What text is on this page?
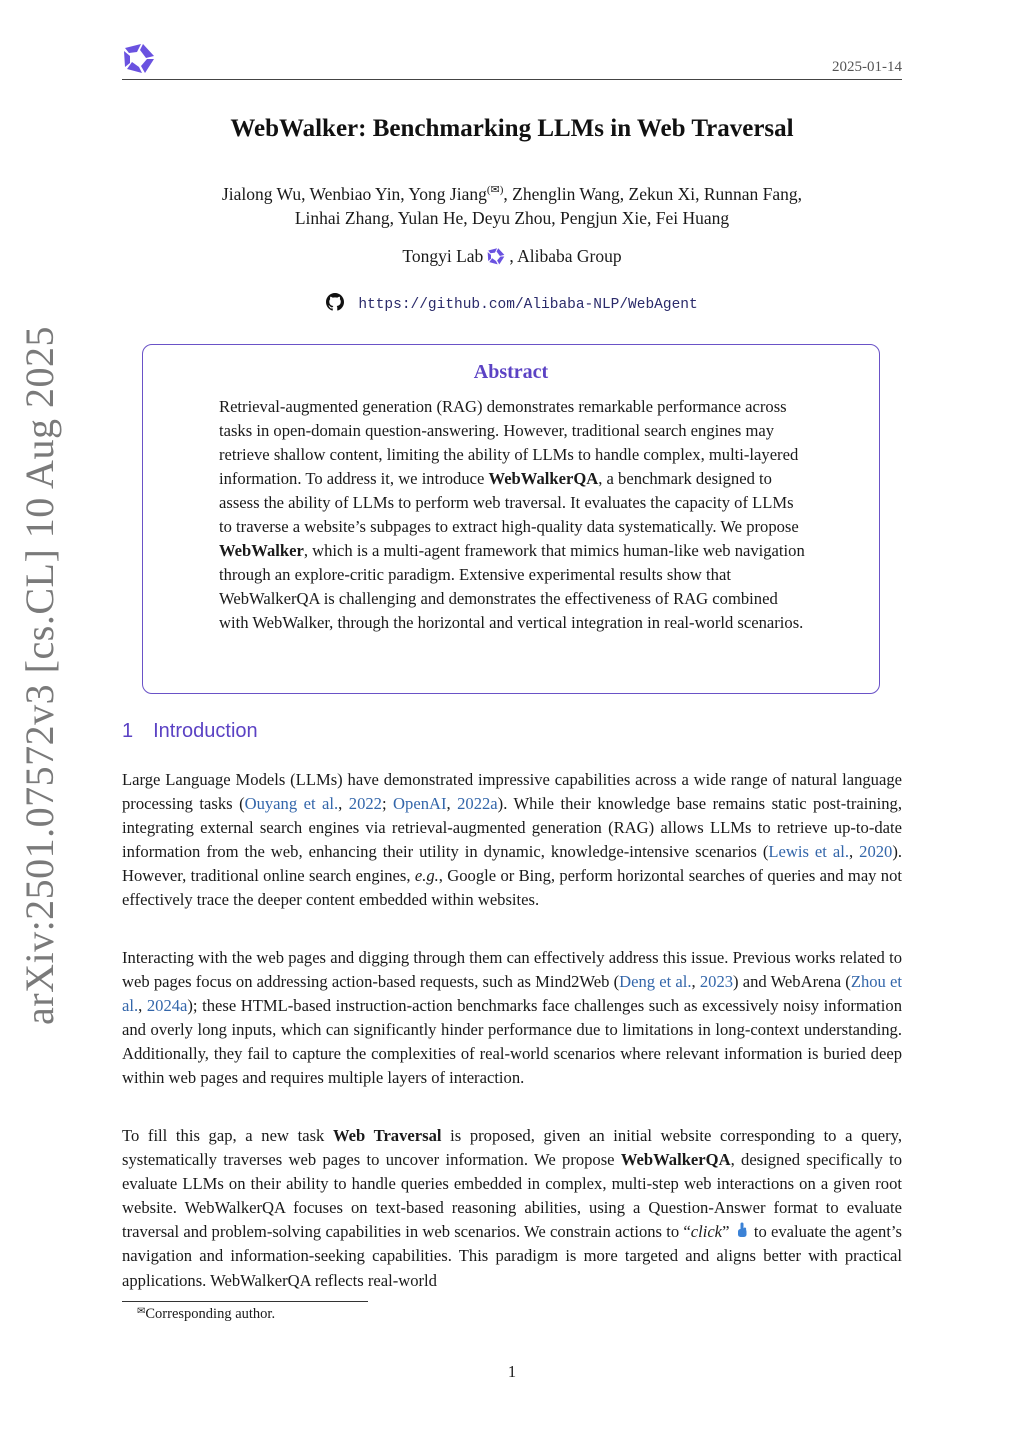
2025-01-14
arXiv:2501.07572v3 [cs.CL] 10 Aug 2025
WebWalker: Benchmarking LLMs in Web Traversal
Jialong Wu, Wenbiao Yin, Yong Jiang(✉), Zhenglin Wang, Zekun Xi, Runnan Fang,
Linhai Zhang, Yulan He, Deyu Zhou, Pengjun Xie, Fei Huang
Tongyi Lab , Alibaba Group
https://github.com/Alibaba-NLP/WebAgent
Abstract
Retrieval-augmented generation (RAG) demonstrates remarkable performance across tasks in open-domain question-answering. However, traditional search engines may retrieve shallow content, limiting the ability of LLMs to handle complex, multi-layered information. To address it, we introduce WebWalkerQA, a benchmark designed to assess the ability of LLMs to perform web traversal. It evaluates the capacity of LLMs to traverse a website’s subpages to extract high-quality data systematically. We propose WebWalker, which is a multi-agent framework that mimics human-like web navigation through an explore-critic paradigm. Extensive experimental results show that WebWalkerQA is challenging and demonstrates the effectiveness of RAG combined with WebWalker, through the horizontal and vertical integration in real-world scenarios.
1 Introduction
Large Language Models (LLMs) have demonstrated impressive capabilities across a wide range of natural language processing tasks (Ouyang et al., 2022; OpenAI, 2022a). While their knowledge base remains static post-training, integrating external search engines via retrieval-augmented generation (RAG) allows LLMs to retrieve up-to-date information from the web, enhancing their utility in dynamic, knowledge-intensive scenarios (Lewis et al., 2020). However, traditional online search engines, e.g., Google or Bing, perform horizontal searches of queries and may not effectively trace the deeper content embedded within websites.
Interacting with the web pages and digging through them can effectively address this issue. Previous works related to web pages focus on addressing action-based requests, such as Mind2Web (Deng et al., 2023) and WebArena (Zhou et al., 2024a); these HTML-based instruction-action benchmarks face challenges such as excessively noisy information and overly long inputs, which can significantly hinder performance due to limitations in long-context understanding. Additionally, they fail to capture the complexities of real-world scenarios where relevant information is buried deep within web pages and requires multiple layers of interaction.
To fill this gap, a new task Web Traversal is proposed, given an initial website corresponding to a query, systematically traverses web pages to uncover information. We propose WebWalkerQA, designed specifically to evaluate LLMs on their ability to handle queries embedded in complex, multi-step web interactions on a given root website. WebWalkerQA focuses on text-based reasoning abilities, using a Question-Answer format to evaluate traversal and problem-solving capabilities in web scenarios. We constrain actions to “click”  to evaluate the agent’s navigation and information-seeking capabilities. This paradigm is more targeted and aligns better with practical applications. WebWalkerQA reflects real-world
✉Corresponding author.
1
